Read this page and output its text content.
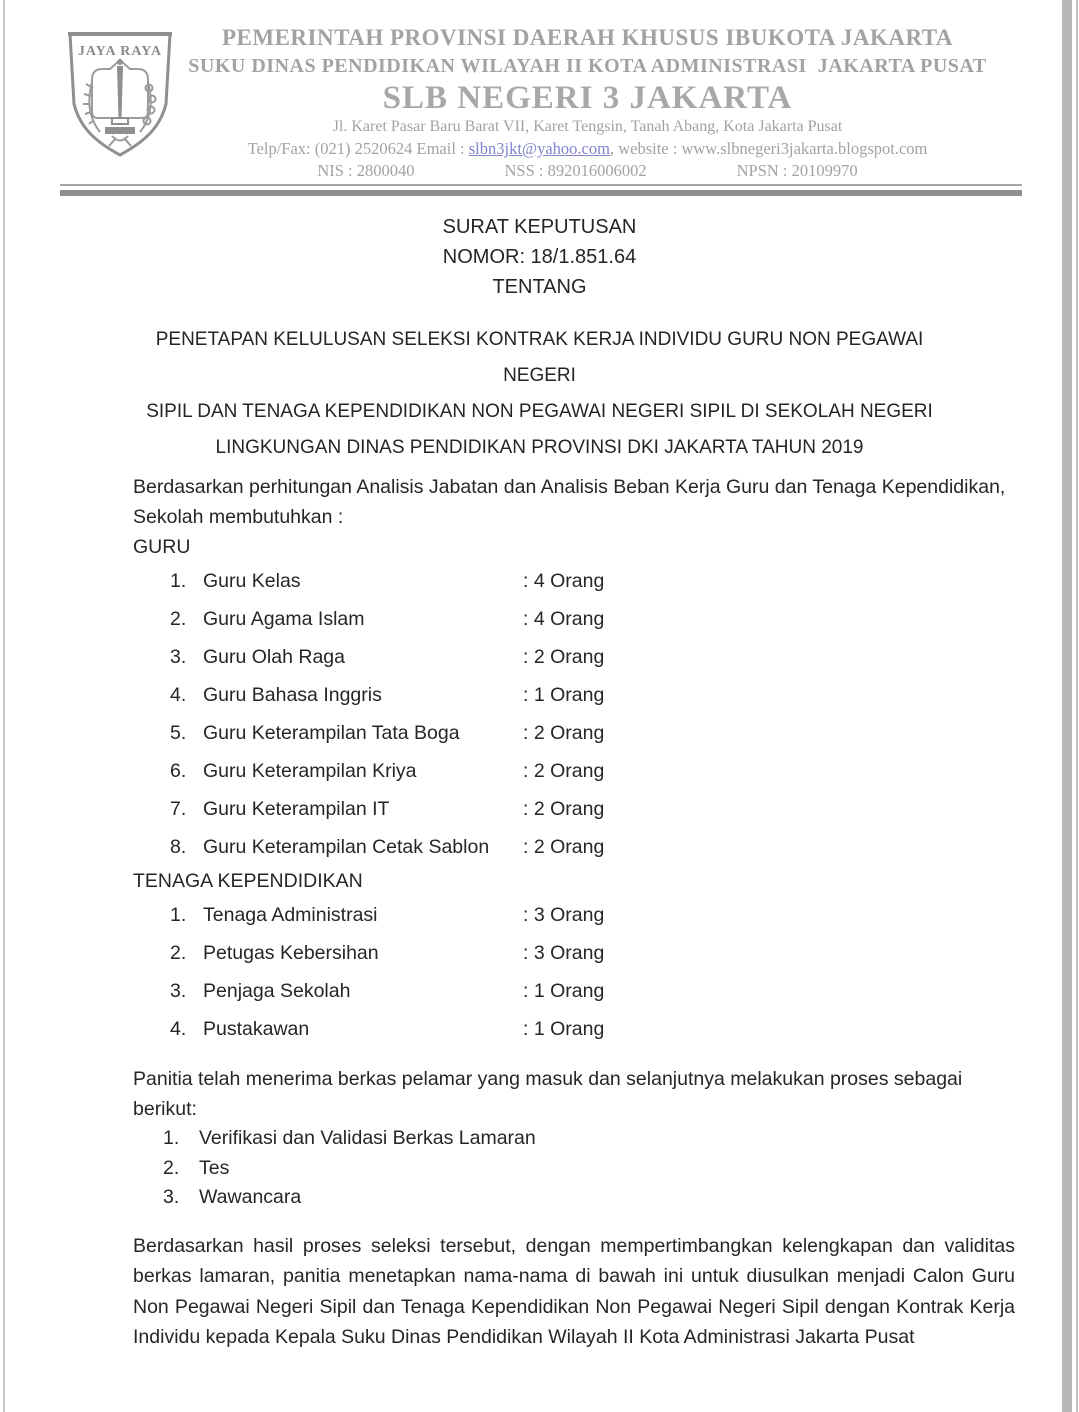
JAYA RAYA
PEMERINTAH PROVINSI DAERAH KHUSUS IBUKOTA JAKARTA
SUKU DINAS PENDIDIKAN WILAYAH II KOTA ADMINISTRASI  JAKARTA PUSAT
SLB NEGERI 3 JAKARTA
Jl. Karet Pasar Baru Barat VII, Karet Tengsin, Tanah Abang, Kota Jakarta Pusat
Telp/Fax: (021) 2520624 Email : slbn3jkt@yahoo.com, website : www.slbnegeri3jakarta.blogspot.com
NIS : 2800040	NSS : 892016006002	NPSN : 20109970
SURAT KEPUTUSAN
NOMOR: 18/1.851.64
TENTANG
PENETAPAN KELULUSAN SELEKSI KONTRAK KERJA INDIVIDU GURU NON PEGAWAI NEGERI
SIPIL DAN TENAGA KEPENDIDIKAN NON PEGAWAI NEGERI SIPIL DI SEKOLAH NEGERI
LINGKUNGAN DINAS PENDIDIKAN PROVINSI DKI JAKARTA TAHUN 2019

Berdasarkan perhitungan Analisis Jabatan dan Analisis Beban Kerja Guru dan Tenaga Kependidikan, Sekolah membutuhkan :

GURU
1. Guru Kelas	: 4 Orang
2. Guru Agama Islam	: 4 Orang
3. Guru Olah Raga	: 2 Orang
4. Guru Bahasa Inggris	: 1 Orang
5. Guru Keterampilan Tata Boga	: 2 Orang
6. Guru Keterampilan Kriya	: 2 Orang
7. Guru Keterampilan IT	: 2 Orang
8. Guru Keterampilan Cetak Sablon	: 2 Orang
TENAGA KEPENDIDIKAN
1. Tenaga Administrasi	: 3 Orang
2. Petugas Kebersihan	: 3 Orang
3. Penjaga Sekolah	: 1 Orang
4. Pustakawan	: 1 Orang

Panitia telah menerima berkas pelamar yang masuk dan selanjutnya melakukan proses sebagai berikut:

1.	Verifikasi dan Validasi Berkas Lamaran
2.	Tes
3.	Wawancara

Berdasarkan hasil proses seleksi tersebut, dengan mempertimbangkan kelengkapan dan validitas berkas lamaran, panitia menetapkan nama-nama di bawah ini untuk diusulkan menjadi Calon Guru Non Pegawai Negeri Sipil dan Tenaga Kependidikan Non Pegawai Negeri Sipil dengan Kontrak Kerja Individu kepada Kepala Suku Dinas Pendidikan Wilayah II Kota Administrasi Jakarta Pusat
